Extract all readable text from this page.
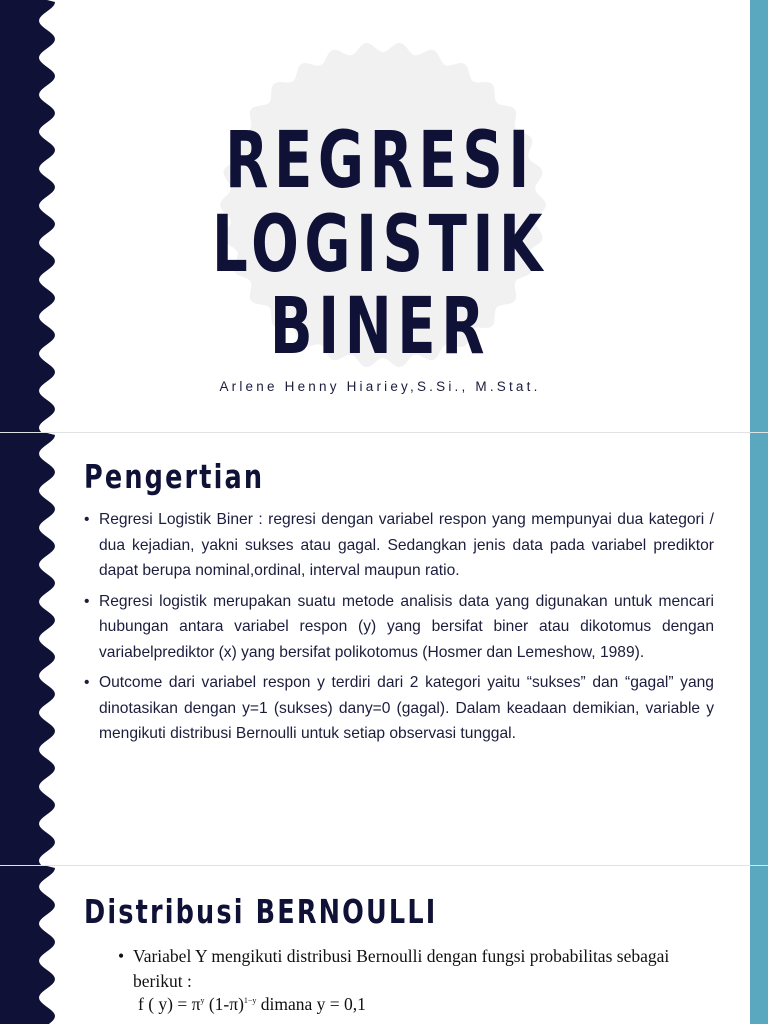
REGRESI
LOGISTIK BINER
Arlene Henny Hiariey,S.Si., M.Stat.
Pengertian
• Regresi Logistik Biner : regresi dengan variabel respon yang mempunyai dua kategori / dua kejadian, yakni sukses atau gagal. Sedangkan jenis data pada variabel prediktor dapat berupa nominal,ordinal, interval maupun ratio.
• Regresi logistik merupakan suatu metode analisis data yang digunakan untuk mencari hubungan antara variabel respon (y) yang bersifat biner atau dikotomus dengan variabelprediktor (x) yang bersifat polikotomus (Hosmer dan Lemeshow, 1989).
• Outcome dari variabel respon y terdiri dari 2 kategori yaitu “sukses” dan “gagal” yang dinotasikan dengan y=1 (sukses) dany=0 (gagal). Dalam keadaan demikian, variable y mengikuti distribusi Bernoulli untuk setiap observasi tunggal.
Distribusi BERNOULLI
• Variabel Y mengikuti distribusi Bernoulli dengan fungsi probabilitas sebagai berikut :
f ( $y) = \pi^y$ $(1-\pi)^{1-y}$ dimana y = 0,1
